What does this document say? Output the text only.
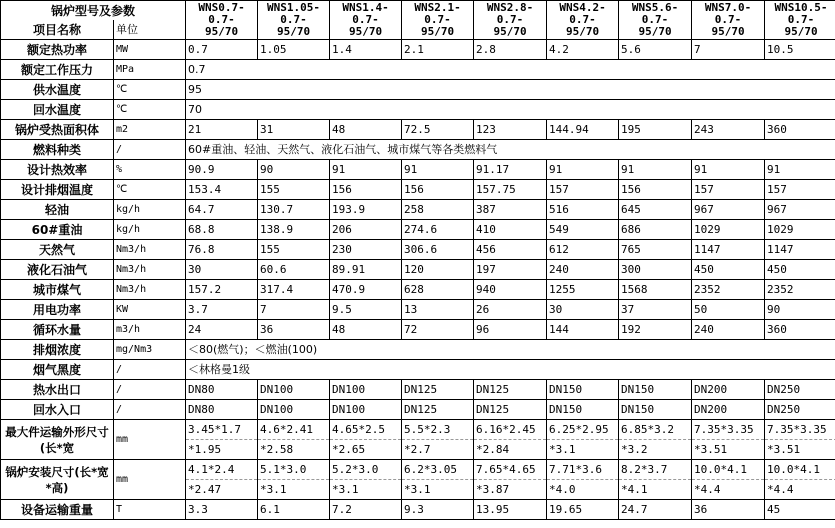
锅炉型号及参数		WNS0.7-
0.7-
95/70	WNS1.05-
0.7-
95/70	WNS1.4-
0.7-
95/70	WNS2.1-
0.7-
95/70	WNS2.8-
0.7-
95/70	WNS4.2-
0.7-
95/70	WNS5.6-
0.7-
95/70	WNS7.0-
0.7-
95/70	WNS10.5-
0.7-
95/70
项目名称	单位									
额定热功率	MW	0.7	1.05	1.4	2.1	2.8	4.2	5.6	7	10.5
额定工作压力	MPa	0.7								
供水温度	℃	95								
回水温度	℃	70								
锅炉受热面积体	m2	21	31	48	72.5	123	144.94	195	243	360
燃料种类	/	60#重油、轻油、天然气、液化石油气、城市煤气等各类燃料气								
设计热效率	%	90.9	90	91	91	91.17	91	91	91	91
设计排烟温度	℃	153.4	155	156	156	157.75	157	156	157	157
轻油	kg/h	64.7	130.7	193.9	258	387	516	645	967	967
60#重油	kg/h	68.8	138.9	206	274.6	410	549	686	1029	1029
天然气	Nm3/h	76.8	155	230	306.6	456	612	765	1147	1147
液化石油气	Nm3/h	30	60.6	89.91	120	197	240	300	450	450
城市煤气	Nm3/h	157.2	317.4	470.9	628	940	1255	1568	2352	2352
用电功率	KW	3.7	7	9.5	13	26	30	37	50	90
循环水量	m3/h	24	36	48	72	96	144	192	240	360
排烟浓度	mg/Nm3	＜80(燃气)；＜燃油(100)								
烟气黑度	/	＜林格曼1级								
热水出口	/	DN80	DN100	DN100	DN125	DN125	DN150	DN150	DN200	DN250
回水入口	/	DN80	DN100	DN100	DN125	DN125	DN150	DN150	DN200	DN250
最大件运输外形尺寸(长*宽	mm	3.45*1.7	4.6*2.41	4.65*2.5	5.5*2.3	6.16*2.45	6.25*2.95	6.85*3.2	7.35*3.35	7.35*3.35
		*1.95	*2.58	*2.65	*2.7	*2.84	*3.1	*3.2	*3.51	*3.51
锅炉安装尺寸(长*宽*高)	mm	4.1*2.4	5.1*3.0	5.2*3.0	6.2*3.05	7.65*4.65	7.71*3.6	8.2*3.7	10.0*4.1	10.0*4.1
		*2.47	*3.1	*3.1	*3.1	*3.87	*4.0	*4.1	*4.4	*4.4
设备运输重量	T	3.3	6.1	7.2	9.3	13.95	19.65	24.7	36	45
